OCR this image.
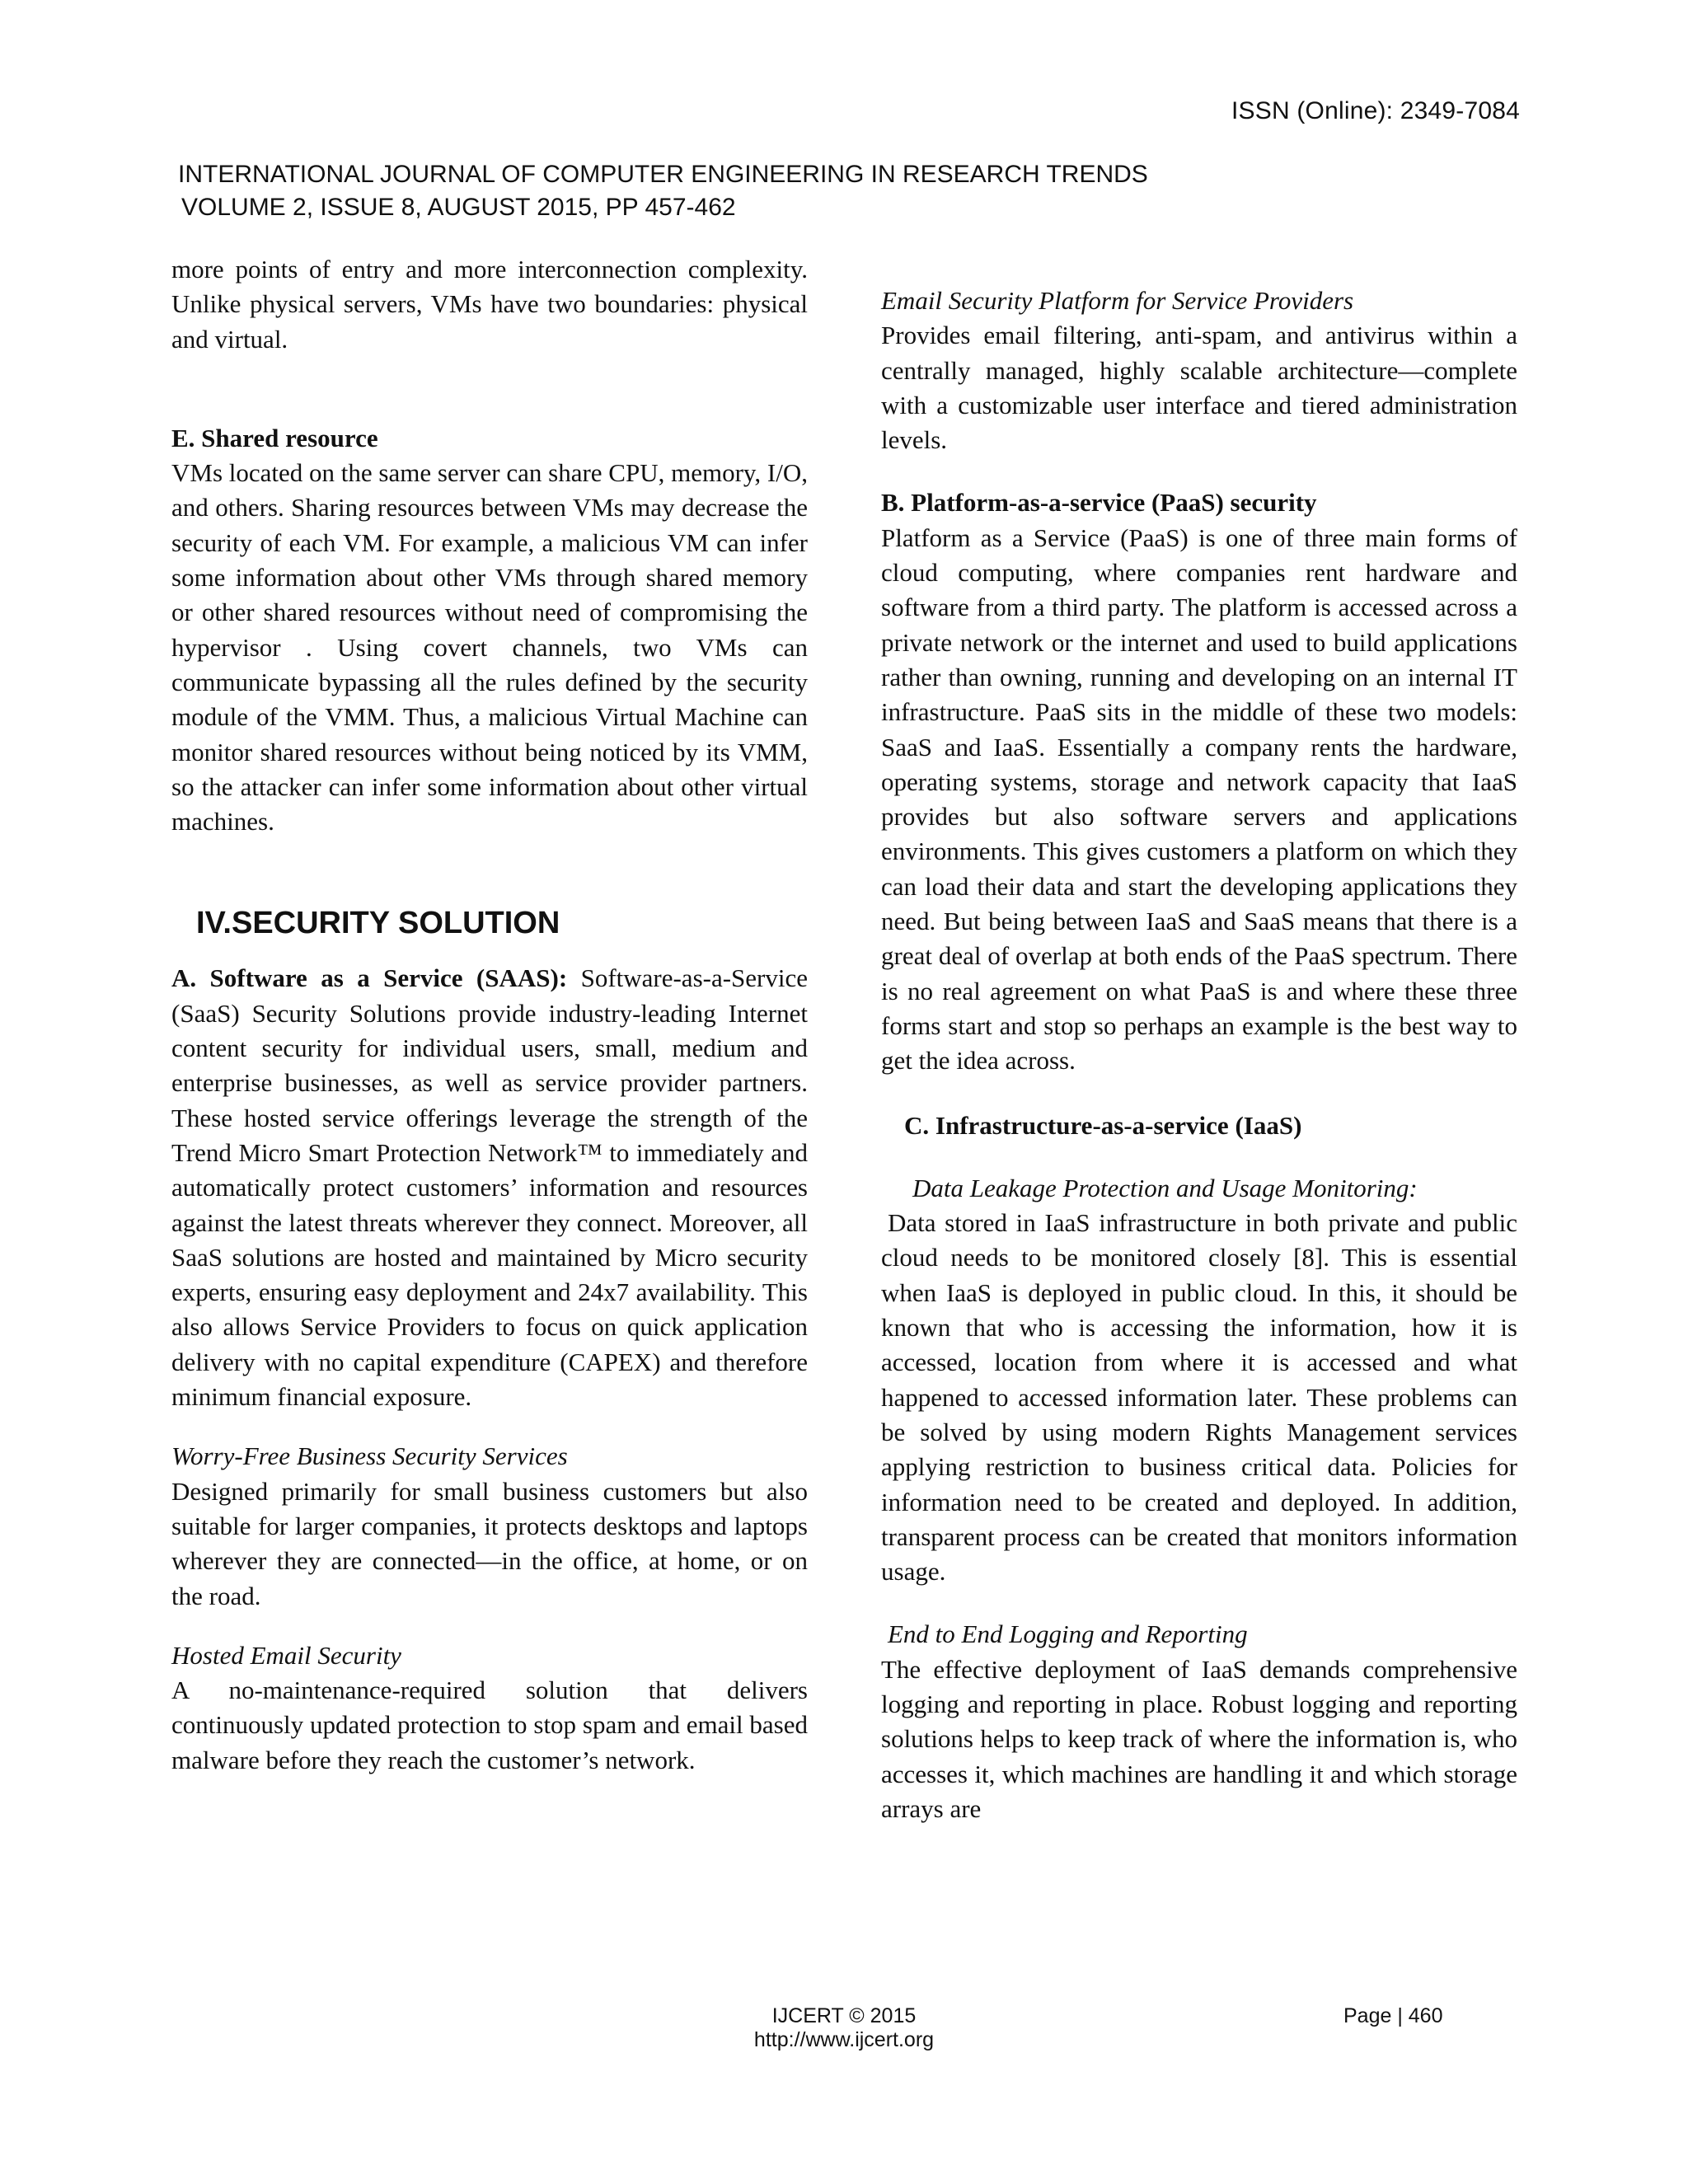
ISSN (Online): 2349-7084
INTERNATIONAL JOURNAL OF COMPUTER ENGINEERING IN RESEARCH TRENDS
VOLUME 2, ISSUE 8, AUGUST 2015, PP 457-462

more points of entry and more interconnection complexity. Unlike physical servers, VMs have two boundaries: physical and virtual.

E. Shared resource

VMs located on the same server can share CPU, memory, I/O, and others. Sharing resources between VMs may decrease the security of each VM. For example, a malicious VM can infer some information about other VMs through shared memory or other shared resources without need of compromising the hypervisor . Using covert channels, two VMs can communicate bypassing all the rules defined by the security module of the VMM. Thus, a malicious Virtual Machine can monitor shared resources without being noticed by its VMM, so the attacker can infer some information about other virtual machines.

IV.SECURITY SOLUTION

A. Software as a Service (SAAS): Software-as-a-Service (SaaS) Security Solutions provide industry-leading Internet content security for individual users, small, medium and enterprise businesses, as well as service provider partners. These hosted service offerings leverage the strength of the Trend Micro Smart Protection Network™ to immediately and automatically protect customers’ information and resources against the latest threats wherever they connect. Moreover, all SaaS solutions are hosted and maintained by Micro security experts, ensuring easy deployment and 24x7 availability. This also allows Service Providers to focus on quick application delivery with no capital expenditure (CAPEX) and therefore minimum financial exposure.

Worry-Free Business Security Services

Designed primarily for small business customers but also suitable for larger companies, it protects desktops and laptops wherever they are connected—in the office, at home, or on the road.

Hosted Email Security

A no-maintenance-required solution that delivers continuously updated protection to stop spam and email based malware before they reach the customer’s network.

Email Security Platform for Service Providers

Provides email filtering, anti-spam, and antivirus within a centrally managed, highly scalable architecture—complete with a customizable user interface and tiered administration levels.

B. Platform-as-a-service (PaaS) security

Platform as a Service (PaaS) is one of three main forms of cloud computing, where companies rent hardware and software from a third party. The platform is accessed across a private network or the internet and used to build applications rather than owning, running and developing on an internal IT infrastructure. PaaS sits in the middle of these two models: SaaS and IaaS. Essentially a company rents the hardware, operating systems, storage and network capacity that IaaS provides but also software servers and applications environments. This gives customers a platform on which they can load their data and start the developing applications they need. But being between IaaS and SaaS means that there is a great deal of overlap at both ends of the PaaS spectrum. There is no real agreement on what PaaS is and where these three forms start and stop so perhaps an example is the best way to get the idea across.

C. Infrastructure-as-a-service (IaaS)
Data Leakage Protection and Usage Monitoring:

Data stored in IaaS infrastructure in both private and public cloud needs to be monitored closely [8]. This is essential when IaaS is deployed in public cloud. In this, it should be known that who is accessing the information, how it is accessed, location from where it is accessed and what happened to accessed information later. These problems can be solved by using modern Rights Management services applying restriction to business critical data. Policies for information need to be created and deployed. In addition, transparent process can be created that monitors information usage.

End to End Logging and Reporting

The effective deployment of IaaS demands comprehensive logging and reporting in place. Robust logging and reporting solutions helps to keep track of where the information is, who accesses it, which machines are handling it and which storage arrays are

IJCERT © 2015
http://www.ijcert.org
Page | 460
